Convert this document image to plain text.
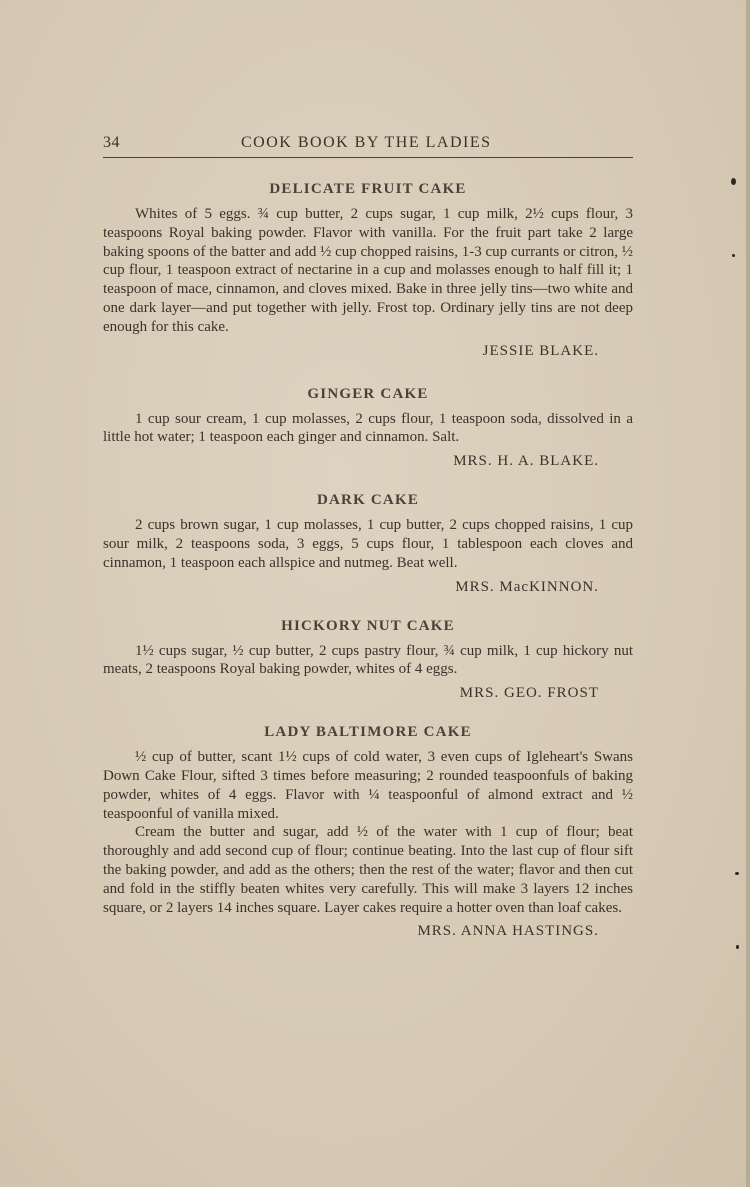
34	COOK BOOK BY THE LADIES
DELICATE FRUIT CAKE

Whites of 5 eggs. ¾ cup butter, 2 cups sugar, 1 cup milk, 2½ cups flour, 3 teaspoons Royal baking powder. Flavor with vanilla. For the fruit part take 2 large baking spoons of the batter and add ½ cup chopped raisins, 1-3 cup currants or citron, ½ cup flour, 1 teaspoon extract of nectarine in a cup and molasses enough to half fill it; 1 teaspoon of mace, cinnamon, and cloves mixed. Bake in three jelly tins—two white and one dark layer—and put together with jelly. Frost top. Ordinary jelly tins are not deep enough for this cake.

JESSIE BLAKE.
GINGER CAKE

1 cup sour cream, 1 cup molasses, 2 cups flour, 1 teaspoon soda, dissolved in a little hot water; 1 teaspoon each ginger and cinnamon. Salt.

MRS. H. A. BLAKE.
DARK CAKE

2 cups brown sugar, 1 cup molasses, 1 cup butter, 2 cups chopped raisins, 1 cup sour milk, 2 teaspoons soda, 3 eggs, 5 cups flour, 1 tablespoon each cloves and cinnamon, 1 teaspoon each allspice and nutmeg. Beat well.

MRS. MacKINNON.
HICKORY NUT CAKE

1½ cups sugar, ½ cup butter, 2 cups pastry flour, ¾ cup milk, 1 cup hickory nut meats, 2 teaspoons Royal baking powder, whites of 4 eggs.

MRS. GEO. FROST
LADY BALTIMORE CAKE

½ cup of butter, scant 1½ cups of cold water, 3 even cups of Igleheart's Swans Down Cake Flour, sifted 3 times before measuring; 2 rounded teaspoonfuls of baking powder, whites of 4 eggs. Flavor with ¼ teaspoonful of almond extract and ½ teaspoonful of vanilla mixed.

Cream the butter and sugar, add ½ of the water with 1 cup of flour; beat thoroughly and add second cup of flour; continue beating. Into the last cup of flour sift the baking powder, and add as the others; then the rest of the water; flavor and then cut and fold in the stiffly beaten whites very carefully. This will make 3 layers 12 inches square, or 2 layers 14 inches square. Layer cakes require a hotter oven than loaf cakes.

MRS. ANNA HASTINGS.
